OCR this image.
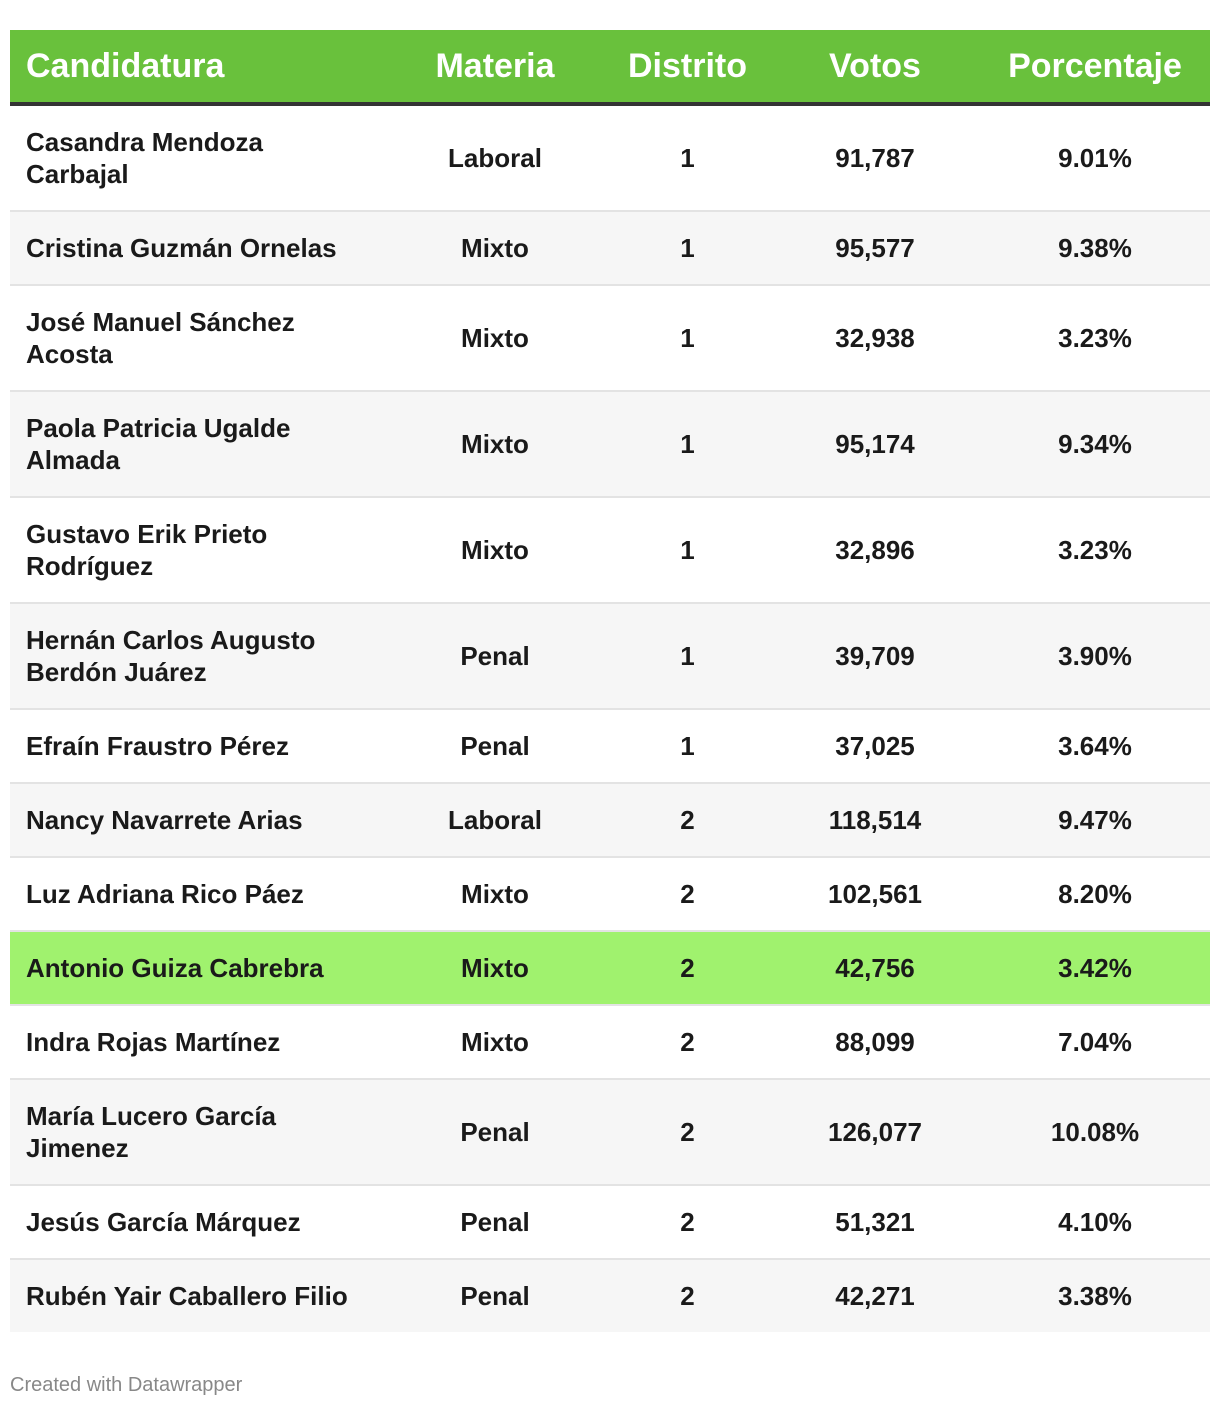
Candidatura	Materia	Distrito	Votos	Porcentaje
Casandra Mendoza Carbajal	Laboral	1	91,787	9.01%
Cristina Guzmán Ornelas	Mixto	1	95,577	9.38%
José Manuel Sánchez Acosta	Mixto	1	32,938	3.23%
Paola Patricia Ugalde Almada	Mixto	1	95,174	9.34%
Gustavo Erik Prieto Rodríguez	Mixto	1	32,896	3.23%
Hernán Carlos Augusto Berdón Juárez	Penal	1	39,709	3.90%
Efraín Fraustro Pérez	Penal	1	37,025	3.64%
Nancy Navarrete Arias	Laboral	2	118,514	9.47%
Luz Adriana Rico Páez	Mixto	2	102,561	8.20%
Antonio Guiza Cabrebra	Mixto	2	42,756	3.42%
Indra Rojas Martínez	Mixto	2	88,099	7.04%
María Lucero García Jimenez	Penal	2	126,077	10.08%
Jesús García Márquez	Penal	2	51,321	4.10%
Rubén Yair Caballero Filio	Penal	2	42,271	3.38%
Created with Datawrapper
